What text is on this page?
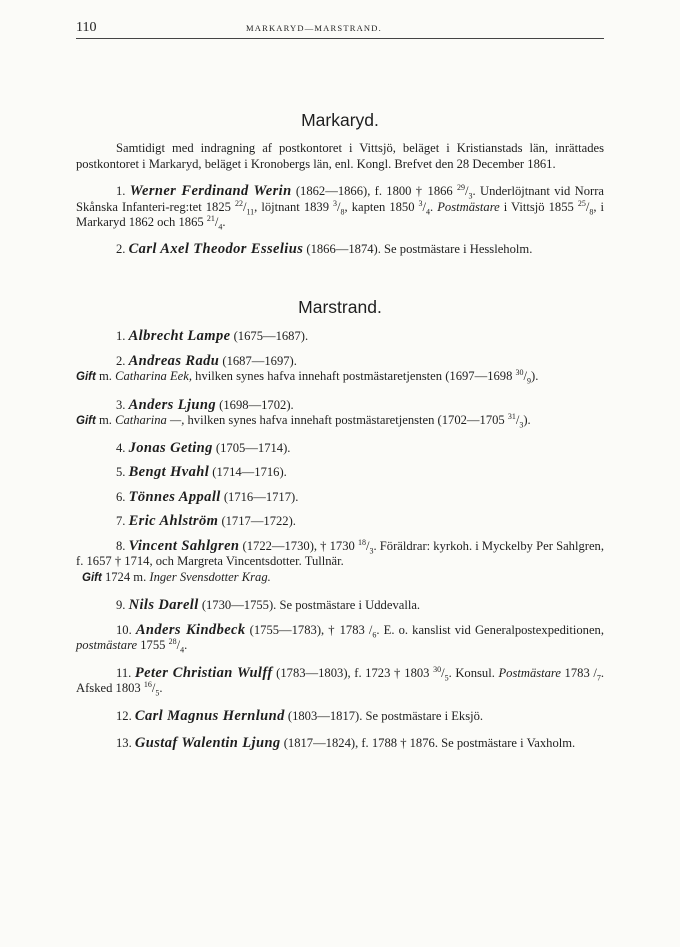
110	MARKARYD—MARSTRAND.
Markaryd.

Samtidigt med indragning af postkontoret i Vittsjö, beläget i Kristianstads län, inrättades postkontoret i Markaryd, beläget i Kronobergs län, enl. Kongl. Brefvet den 28 December 1861.

1. Werner Ferdinand Werin (1862—1866), f. 1800 † 1866 $^{29}/_3$. Underlöjtnant vid Norra Skånska Infanteri-reg:tet 1825 $^{22}/_{11}$, löjtnant 1839 $^3/_8$, kapten 1850 $^3/_4$. Postmästare i Vittsjö 1855 $^{25}/_8$, i Markaryd 1862 och 1865 $^{21}/_4$.

2. Carl Axel Theodor Esselius (1866—1874). Se postmästare i Hessleholm.

Marstrand.

1. Albrecht Lampe (1675—1687).

2. Andreas Radu (1687—1697).

Gift m. Catharina Eek, hvilken synes hafva innehaft postmästaretjensten (1697—1698 $^{30}/_9$).

3. Anders Ljung (1698—1702).

Gift m. Catharina —, hvilken synes hafva innehaft postmästaretjensten (1702—1705 $^{31}/_3$).

4. Jonas Geting (1705—1714).

5. Bengt Hvahl (1714—1716).

6. Tönnes Appall (1716—1717).

7. Eric Ahlström (1717—1722).

8. Vincent Sahlgren (1722—1730), † 1730 $^{18}/_3$. Föräldrar: kyrkoh. i Myckelby Per Sahlgren, f. 1657 † 1714, och Margreta Vincentsdotter. Tullnär.

Gift 1724 m. Inger Svensdotter Krag.

9. Nils Darell (1730—1755). Se postmästare i Uddevalla.

10. Anders Kindbeck (1755—1783), † 1783 $/_6$. E. o. kanslist vid Generalpostexpeditionen, postmästare 1755 $^{28}/_4$.

11. Peter Christian Wulff (1783—1803), f. 1723 † 1803 $^{30}/_5$. Konsul. Postmästare 1783 $/_7$. Afsked 1803 $^{16}/_5$.

12. Carl Magnus Hernlund (1803—1817). Se postmästare i Eksjö.

13. Gustaf Walentin Ljung (1817—1824), f. 1788 † 1876. Se postmästare i Vaxholm.
